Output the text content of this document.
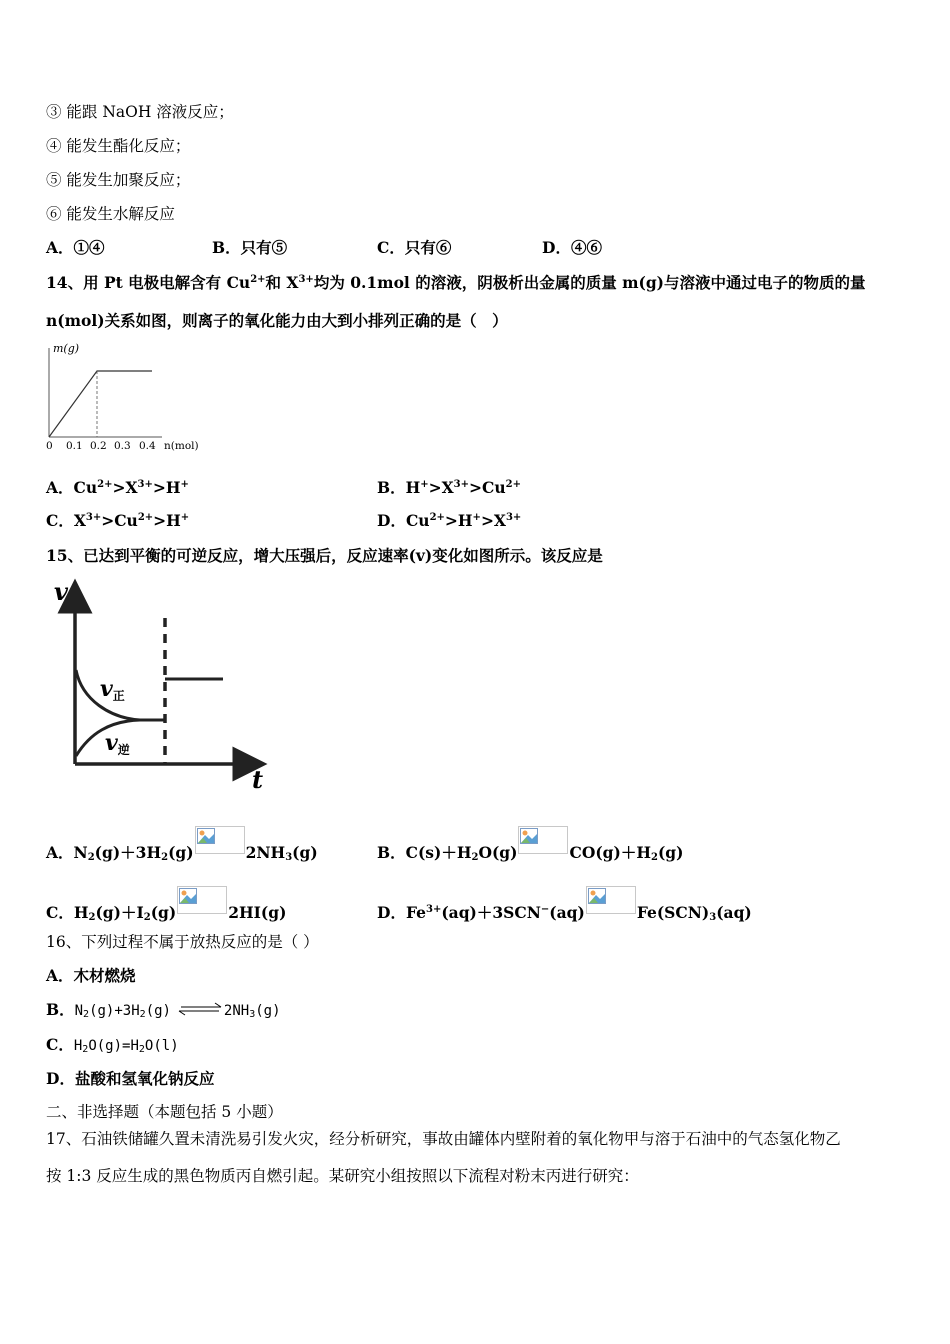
③ 能跟 NaOH 溶液反应；
④ 能发生酯化反应；
⑤ 能发生加聚反应；
⑥ 能发生水解反应
A．①④	B．只有⑤	C．只有⑥	D．④⑥
14、用 Pt 电极电解含有 $Cu^{2+}$和 $X^{3+}$均为 0.1mol 的溶液，阴极析出金属的质量 m(g)与溶液中通过电子的物质的量
n(mol)关系如图，则离子的氧化能力由大到小排列正确的是（　）
m(g)
0 0.1 0.2 0.3 0.4 n(mol)
A．$Cu^{2+}>X^{3+}>H^+$	B．$H^+>X^{3+}>Cu^{2+}$
C．$X^{3+}>Cu^{2+}>H^+$	D．$Cu^{2+}>H^+>X^{3+}$
15、已达到平衡的可逆反应，增大压强后，反应速率(v)变化如图所示。该反应是
v
t
v正
v逆
A．$N_2(g)+3H_2(g)$	$2NH_3(g)$	B．$C(s)+H_2O(g)$	$CO(g)+H_2(g)$
C．$H_2(g)+I_2(g)$	2HI(g)	D．$Fe^{3+}(aq)+3SCN^-(aq)$	$Fe(SCN)_3(aq)$
16、下列过程不属于放热反应的是（ ）
A．木材燃烧
B．$N_2(g)+3H_2(g)$ $\rightleftharpoons 2NH_3(g)$
C．$H_2O(g)=H_2O(l)$
D．盐酸和氢氧化钠反应
二、非选择题（本题包括 5 小题）
17、石油铁储罐久置未清洗易引发火灾，经分析研究，事故由罐体内壁附着的氧化物甲与溶于石油中的气态氢化物乙
按 1:3 反应生成的黑色物质丙自燃引起。某研究小组按照以下流程对粉末丙进行研究：
